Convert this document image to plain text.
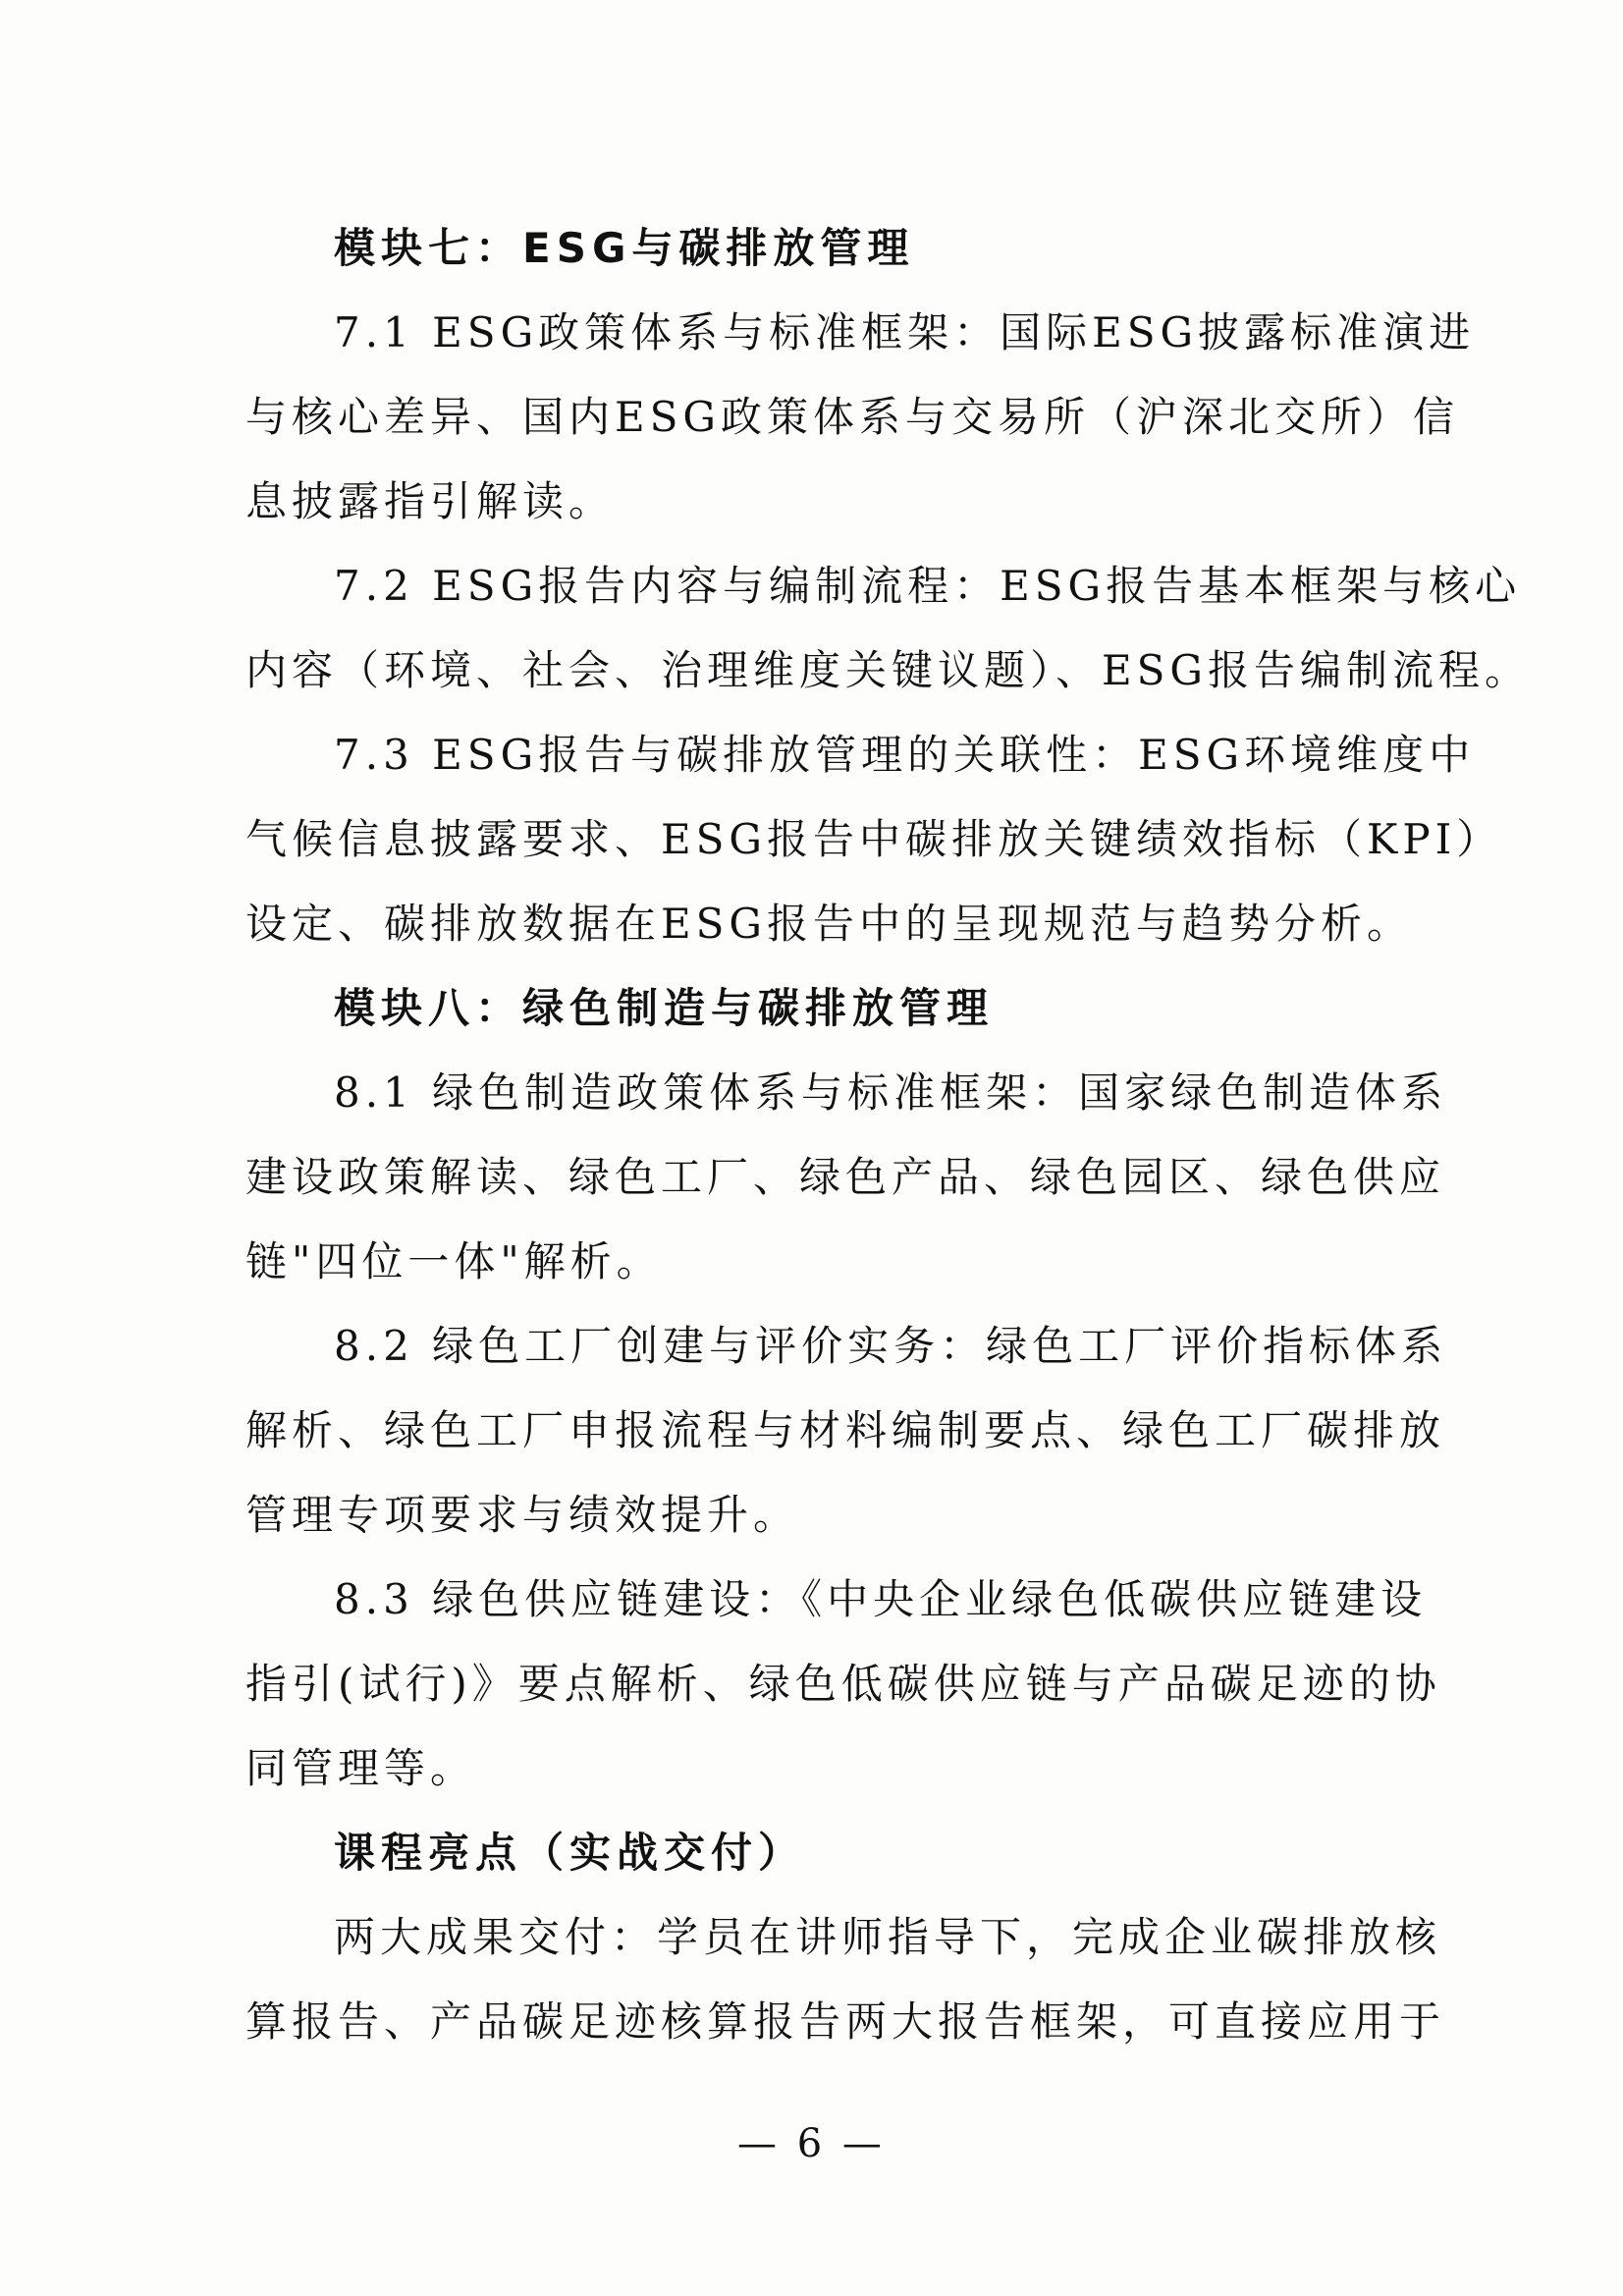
模块七：ESG与碳排放管理

7.1 ESG政策体系与标准框架：国际ESG披露标准演进

与核心差异、国内ESG政策体系与交易所（沪深北交所）信

息披露指引解读。

7.2 ESG报告内容与编制流程：ESG报告基本框架与核心

内容（环境、社会、治理维度关键议题）、ESG报告编制流程。

7.3 ESG报告与碳排放管理的关联性：ESG环境维度中

气候信息披露要求、ESG报告中碳排放关键绩效指标（KPI）

设定、碳排放数据在ESG报告中的呈现规范与趋势分析。

模块八：绿色制造与碳排放管理

8.1 绿色制造政策体系与标准框架：国家绿色制造体系

建设政策解读、绿色工厂、绿色产品、绿色园区、绿色供应

链"四位一体"解析。

8.2 绿色工厂创建与评价实务：绿色工厂评价指标体系

解析、绿色工厂申报流程与材料编制要点、绿色工厂碳排放

管理专项要求与绩效提升。

8.3 绿色供应链建设：《中央企业绿色低碳供应链建设

指引(试行)》要点解析、绿色低碳供应链与产品碳足迹的协

同管理等。

课程亮点（实战交付）

两大成果交付：学员在讲师指导下，完成企业碳排放核

算报告、产品碳足迹核算报告两大报告框架，可直接应用于

— 6 —
